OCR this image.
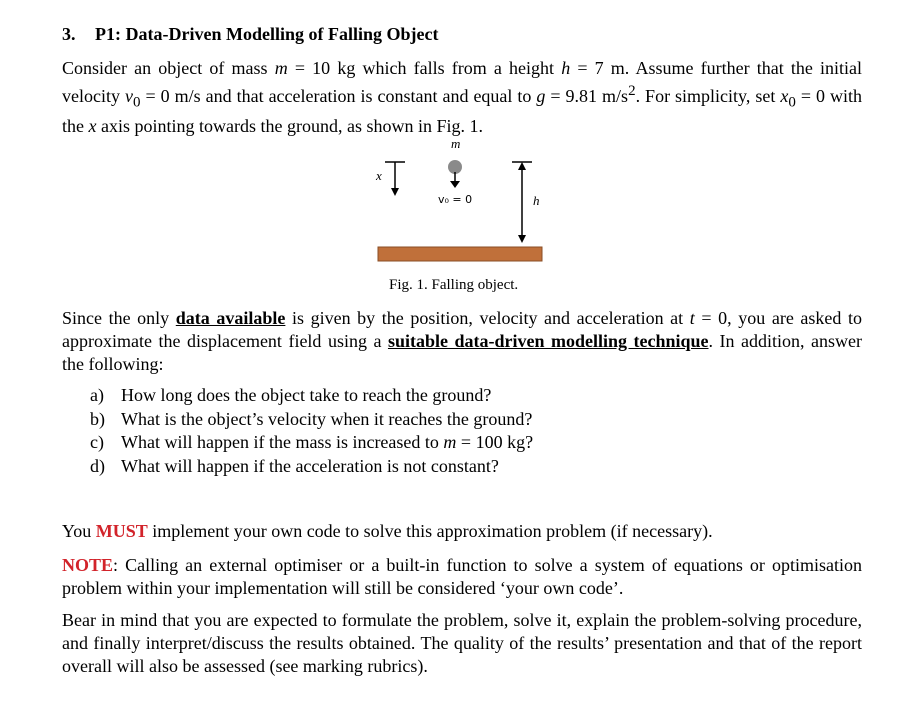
3. P1: Data-Driven Modelling of Falling Object
Consider an object of mass m = 10 kg which falls from a height h = 7 m. Assume further that the initial velocity $v_0 = 0$ m/s and that acceleration is constant and equal to g = 9.81 $m/s^2$. For simplicity, set $x_0 = 0$ with the x axis pointing towards the ground, as shown in Fig. 1.
m
v₀ = 0
x
h
Fig. 1. Falling object.
Since the only data available is given by the position, velocity and acceleration at t = 0, you are asked to approximate the displacement field using a suitable data-driven modelling technique. In addition, answer the following:
a) How long does the object take to reach the ground?
b) What is the object’s velocity when it reaches the ground?
c) What will happen if the mass is increased to m = 100 kg?
d) What will happen if the acceleration is not constant?
You MUST implement your own code to solve this approximation problem (if necessary).
NOTE: Calling an external optimiser or a built-in function to solve a system of equations or optimisation problem within your implementation will still be considered ‘your own code’.
Bear in mind that you are expected to formulate the problem, solve it, explain the problem-solving procedure, and finally interpret/discuss the results obtained. The quality of the results’ presentation and that of the report overall will also be assessed (see marking rubrics).
